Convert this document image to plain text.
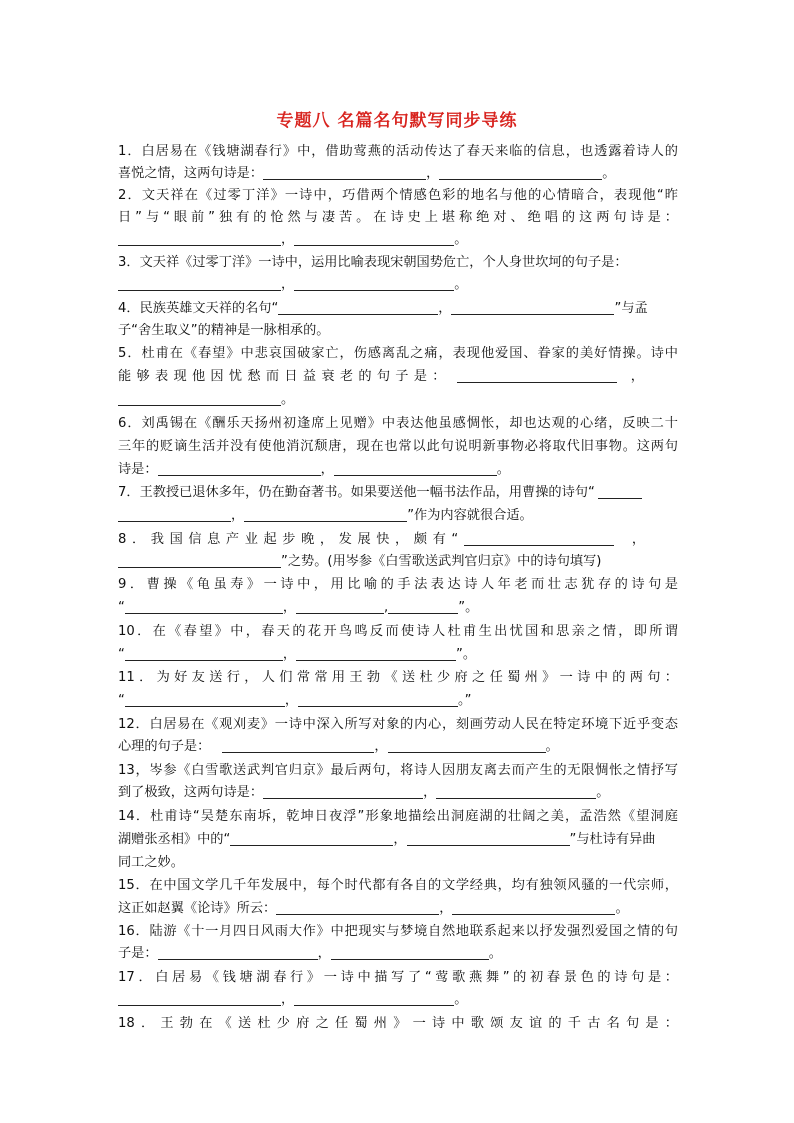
专题八 名篇名句默写同步导练
1．白居易在《钱塘湖春行》中，借助莺燕的活动传达了春天来临的信息，也透露着诗人的
喜悦之情，这两句诗是：	，	。
2．文天祥在《过零丁洋》一诗中，巧借两个情感色彩的地名与他的心情暗合，表现他“昨
日”与“眼前”独有的怆然与凄苦。在诗史上堪称绝对、绝唱的这两句诗是：
，	。
3．文天祥《过零丁洋》一诗中，运用比喻表现宋朝国势危亡，个人身世坎坷的句子是：
，	。
4．民族英雄文天祥的名句“	，	”与孟
子“舍生取义”的精神是一脉相承的。
5．杜甫在《春望》中悲哀国破家亡，伤感离乱之痛，表现他爱国、眷家的美好情操。诗中
能够表现他因忧愁而日益衰老的句子是：	，
。
6．刘禹锡在《酬乐天扬州初逢席上见赠》中表达他虽感惆怅，却也达观的心绪，反映二十
三年的贬谪生活并没有使他消沉颓唐，现在也常以此句说明新事物必将取代旧事物。这两句
诗是：	，	。
7．王教授已退休多年，仍在勤奋著书。如果要送他一幅书法作品，用曹操的诗句“
，	”作为内容就很合适。
8．我国信息产业起步晚，发展快，颇有“	，
”之势。(用岑参《白雪歌送武判官归京》中的诗句填写)
9．曹操《龟虽寿》一诗中，用比喻的手法表达诗人年老而壮志犹存的诗句是
“	，	,	”。
10．在《春望》中，春天的花开鸟鸣反而使诗人杜甫生出忧国和思亲之情，即所谓
“	，	”。
11．为好友送行，人们常常用王勃《送杜少府之任蜀州》一诗中的两句：
“	，	。”
12．白居易在《观刈麦》一诗中深入所写对象的内心，刻画劳动人民在特定环境下近乎变态
心理的句子是：	，	。
13，岑参《白雪歌送武判官归京》最后两句，将诗人因朋友离去而产生的无限惆怅之情抒写
到了极致，这两句诗是：	，	。
14．杜甫诗“吴楚东南坼，乾坤日夜浮”形象地描绘出洞庭湖的壮阔之美，孟浩然《望洞庭
湖赠张丞相》中的“	，	”与杜诗有异曲
同工之妙。
15．在中国文学几千年发展中，每个时代都有各自的文学经典，均有独领风骚的一代宗师，
这正如赵翼《论诗》所云：	，	。
16．陆游《十一月四日风雨大作》中把现实与梦境自然地联系起来以抒发强烈爱国之情的句
子是：	，	。
17．白居易《钱塘湖春行》一诗中描写了“莺歌燕舞”的初春景色的诗句是：
，	。
18．王勃在《送杜少府之任蜀州》一诗中歌颂友谊的千古名句是：
